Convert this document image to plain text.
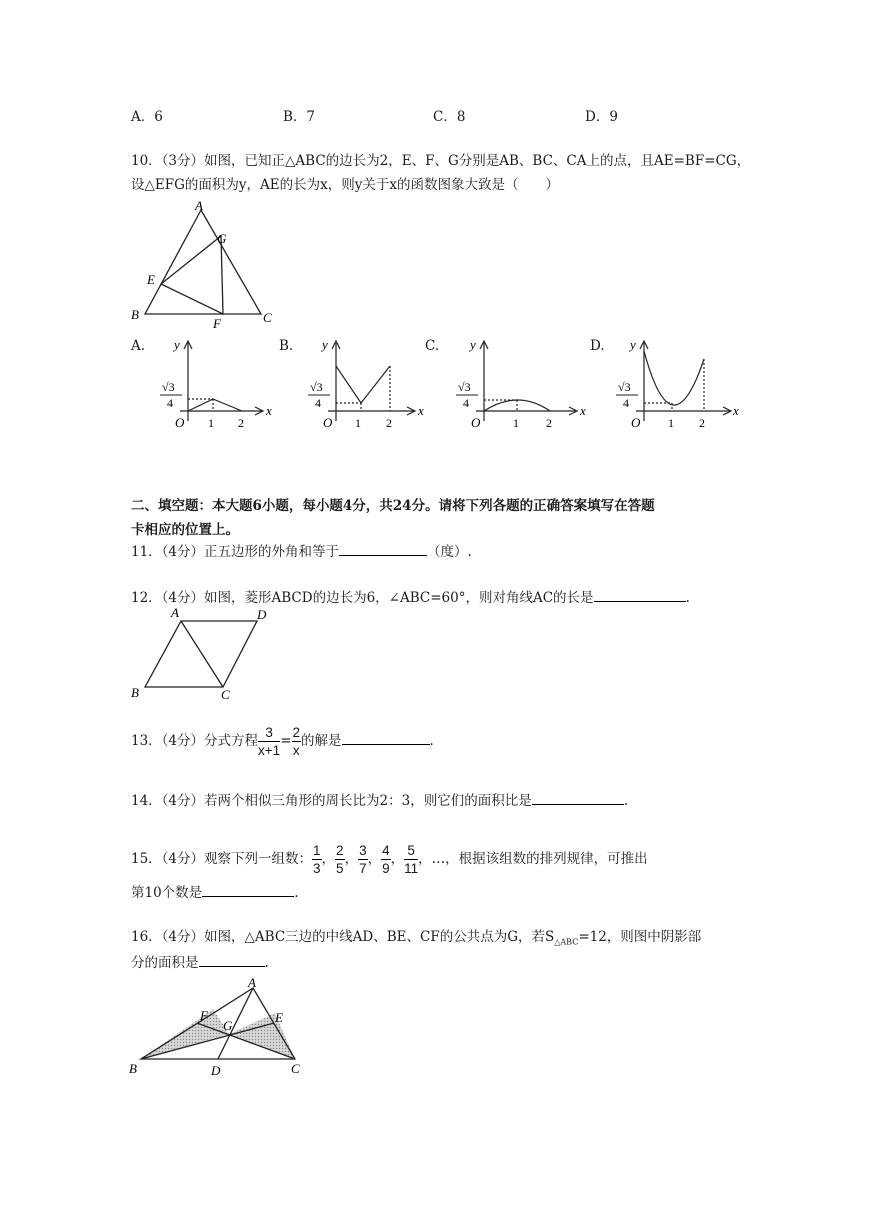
A．6	B．7	C．8	D．9
10．（3分）如图，已知正△ABC的边长为2，E、F、G分别是AB、BC、CA上的点，且AE=BF=CG，
设△EFG的面积为y，AE的长为x，则y关于x的函数图象大致是（　　）
A
B	C
E
F
G
A. y
x
O 1 2
√3
4
B. y
x
O 1 2
√3
4
C. y
x
O	1 2
√3
4
D. y
x
O 1 2
√3
4
二、填空题：本大题6小题，每小题4分，共24分。请将下列各题的正确答案填写在答题
卡相应的位置上。
11．（4分）正五边形的外角和等于	（度）.
12．（4分）如图，菱形ABCD的边长为6，∠ABC=60°，则对角线AC的长是	.
A	D
B	C
13．（4分）分式方程 $\frac{3}{x+1} = \frac{2}{x}$ 的解是	.
14．（4分）若两个相似三角形的周长比为2：3，则它们的面积比是	.
15．（4分）观察下列一组数： $\frac{1}{3}$ ， $\frac{2}{5}$ ， $\frac{3}{7}$ ， $\frac{4}{9}$ ， $\frac{5}{11}$ ，…，根据该组数的排列规律，可推出
第10个数是	.
16．（4分）如图，△ABC三边的中线AD、BE、CF的公共点为G，若$S_{\triangle ABC}=12$，则图中阴影部
分的面积是	.
A
B	C
D
E
F
G
